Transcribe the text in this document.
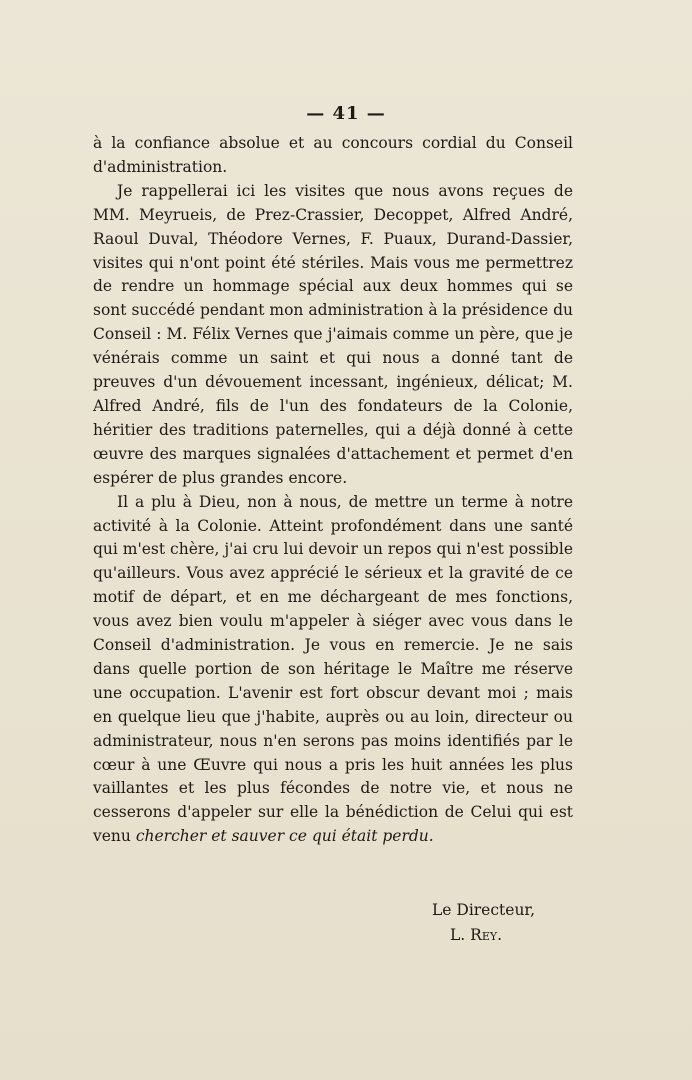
— 41 —

à la confiance absolue et au concours cordial du Conseil d'administration.

Je rappellerai ici les visites que nous avons reçues de MM. Meyrueis, de Prez-Crassier, Decoppet, Alfred André, Raoul Duval, Théodore Vernes, F. Puaux, Durand-Dassier, visites qui n'ont point été stériles. Mais vous me permettrez de rendre un hommage spécial aux deux hommes qui se sont succédé pendant mon administration à la présidence du Conseil : M. Félix Vernes que j'aimais comme un père, que je vénérais comme un saint et qui nous a donné tant de preuves d'un dévouement incessant, ingénieux, délicat; M. Alfred André, fils de l'un des fondateurs de la Colonie, héritier des traditions paternelles, qui a déjà donné à cette œuvre des marques signalées d'attachement et permet d'en espérer de plus grandes encore.

Il a plu à Dieu, non à nous, de mettre un terme à notre activité à la Colonie. Atteint profondément dans une santé qui m'est chère, j'ai cru lui devoir un repos qui n'est possible qu'ailleurs. Vous avez apprécié le sérieux et la gravité de ce motif de départ, et en me déchargeant de mes fonctions, vous avez bien voulu m'appeler à siéger avec vous dans le Conseil d'administration. Je vous en remercie. Je ne sais dans quelle portion de son héritage le Maître me réserve une occupation. L'avenir est fort obscur devant moi ; mais en quelque lieu que j'habite, auprès ou au loin, directeur ou administrateur, nous n'en serons pas moins identifiés par le cœur à une Œuvre qui nous a pris les huit années les plus vaillantes et les plus fécondes de notre vie, et nous ne cesserons d'appeler sur elle la bénédiction de Celui qui est venu chercher et sauver ce qui était perdu.

Le Directeur,
L. Rey.
